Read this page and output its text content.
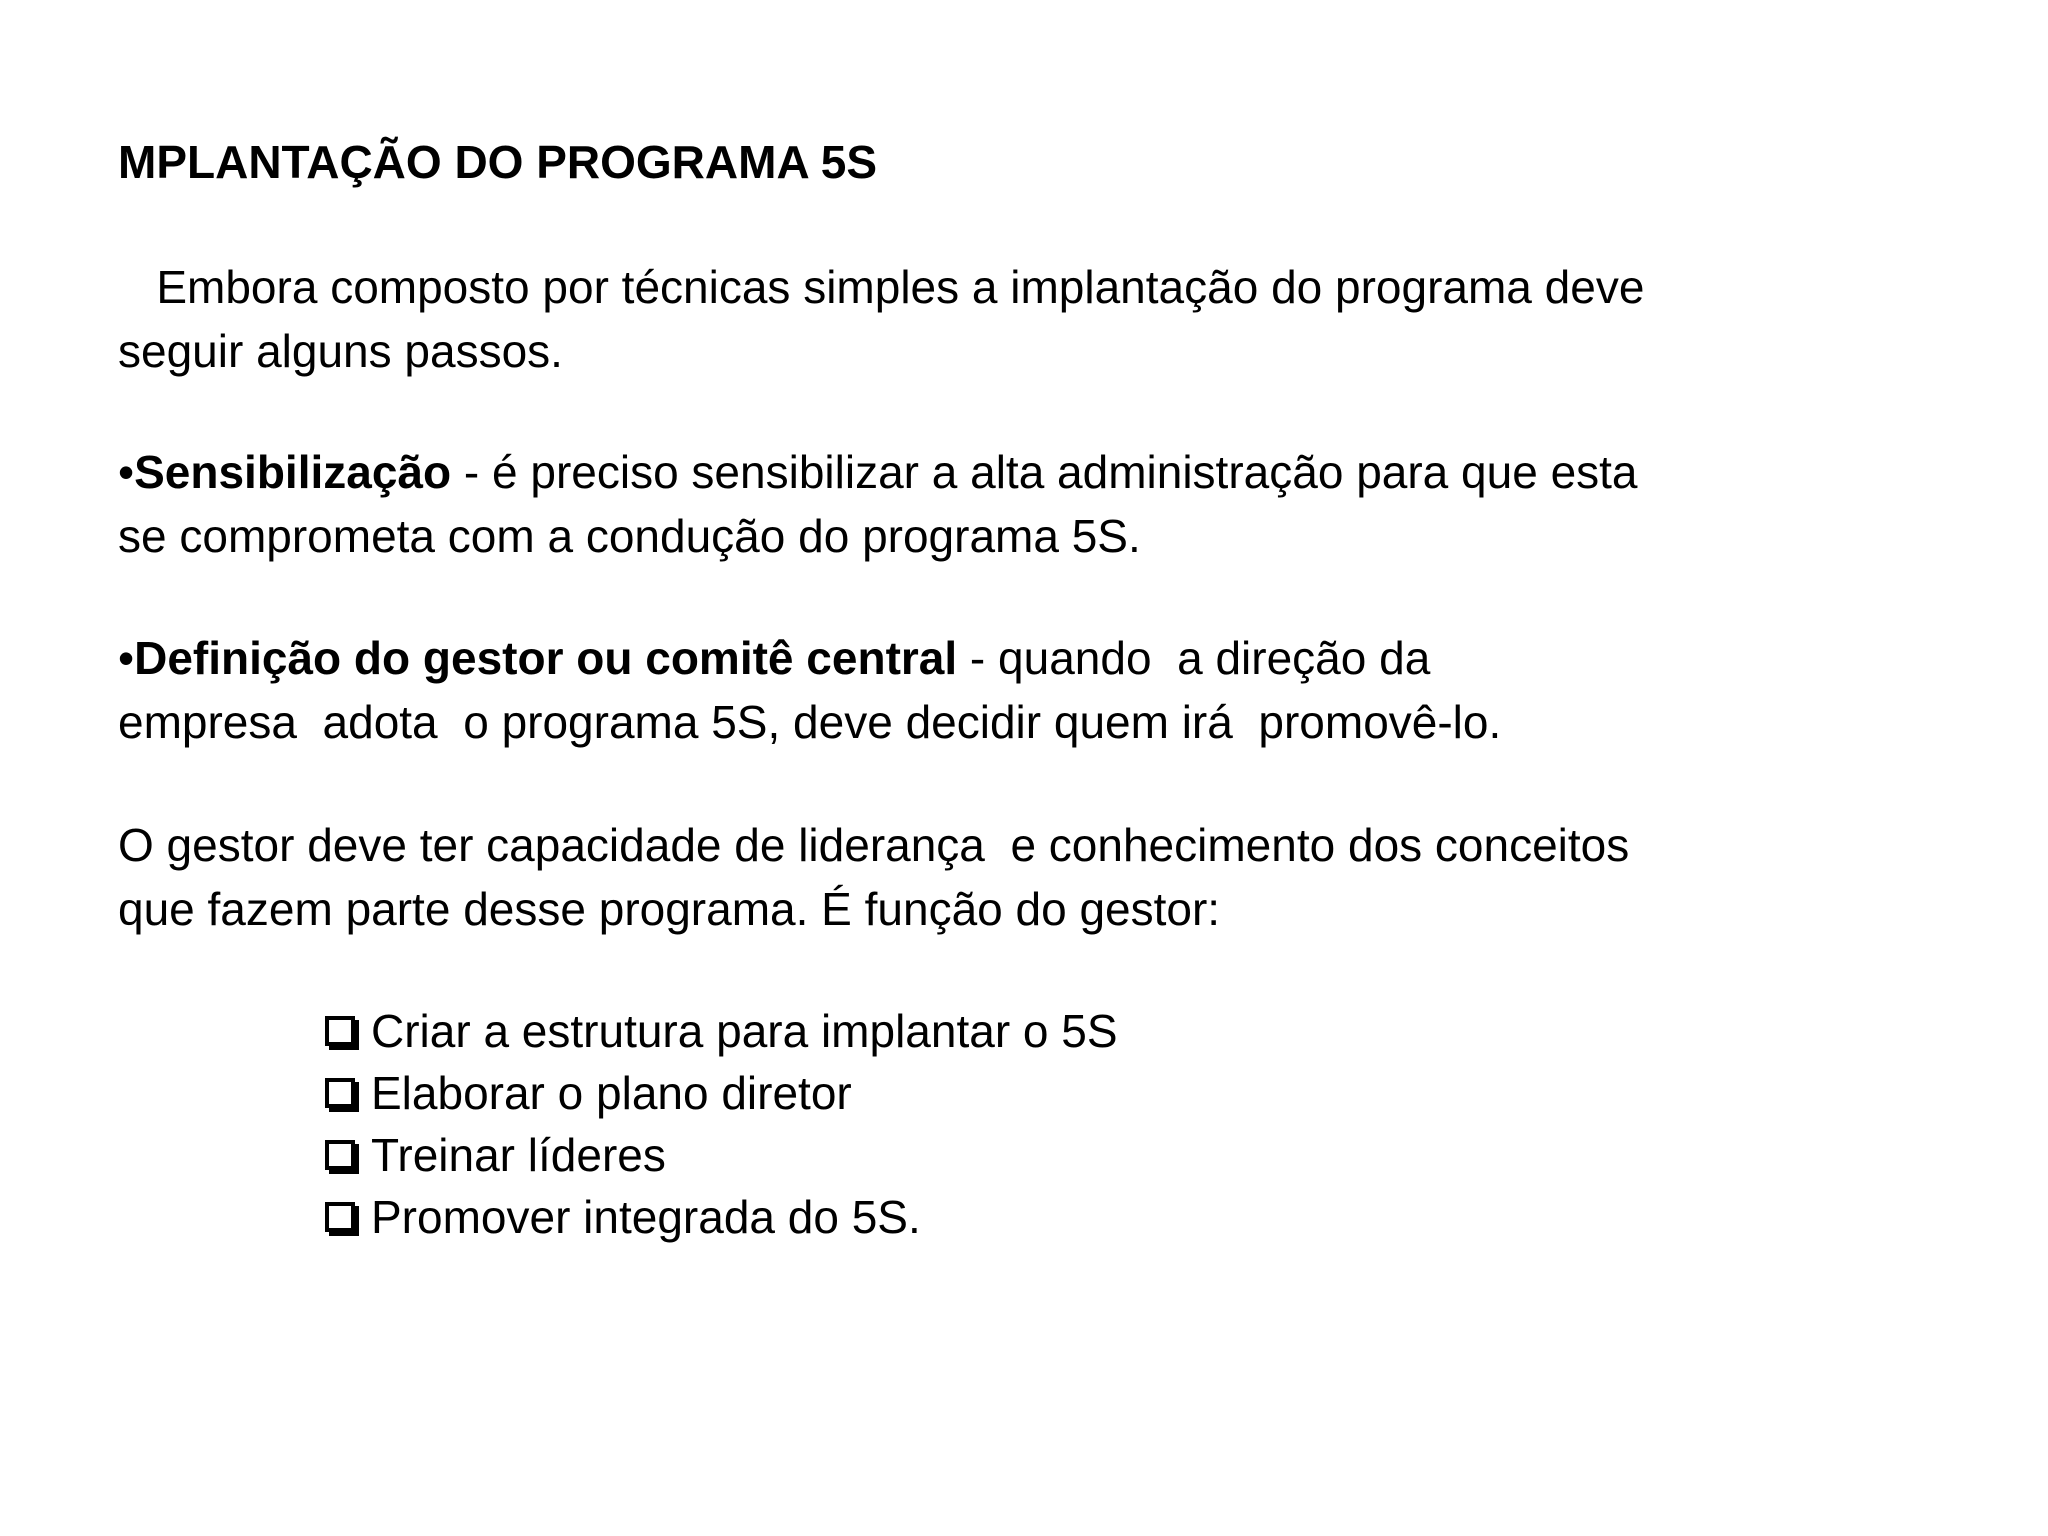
MPLANTAÇÃO DO PROGRAMA 5S
Embora composto por técnicas simples a implantação do programa deve
seguir alguns passos.
•Sensibilização - é preciso sensibilizar a alta administração para que esta
se comprometa com a condução do programa 5S.
•Definição do gestor ou comitê central - quando  a direção da
empresa  adota  o programa 5S, deve decidir quem irá  promovê-lo.
O gestor deve ter capacidade de liderança  e conhecimento dos conceitos
que fazem parte desse programa. É função do gestor:
Criar a estrutura para implantar o 5S
Elaborar o plano diretor
Treinar líderes
Promover integrada do 5S.
